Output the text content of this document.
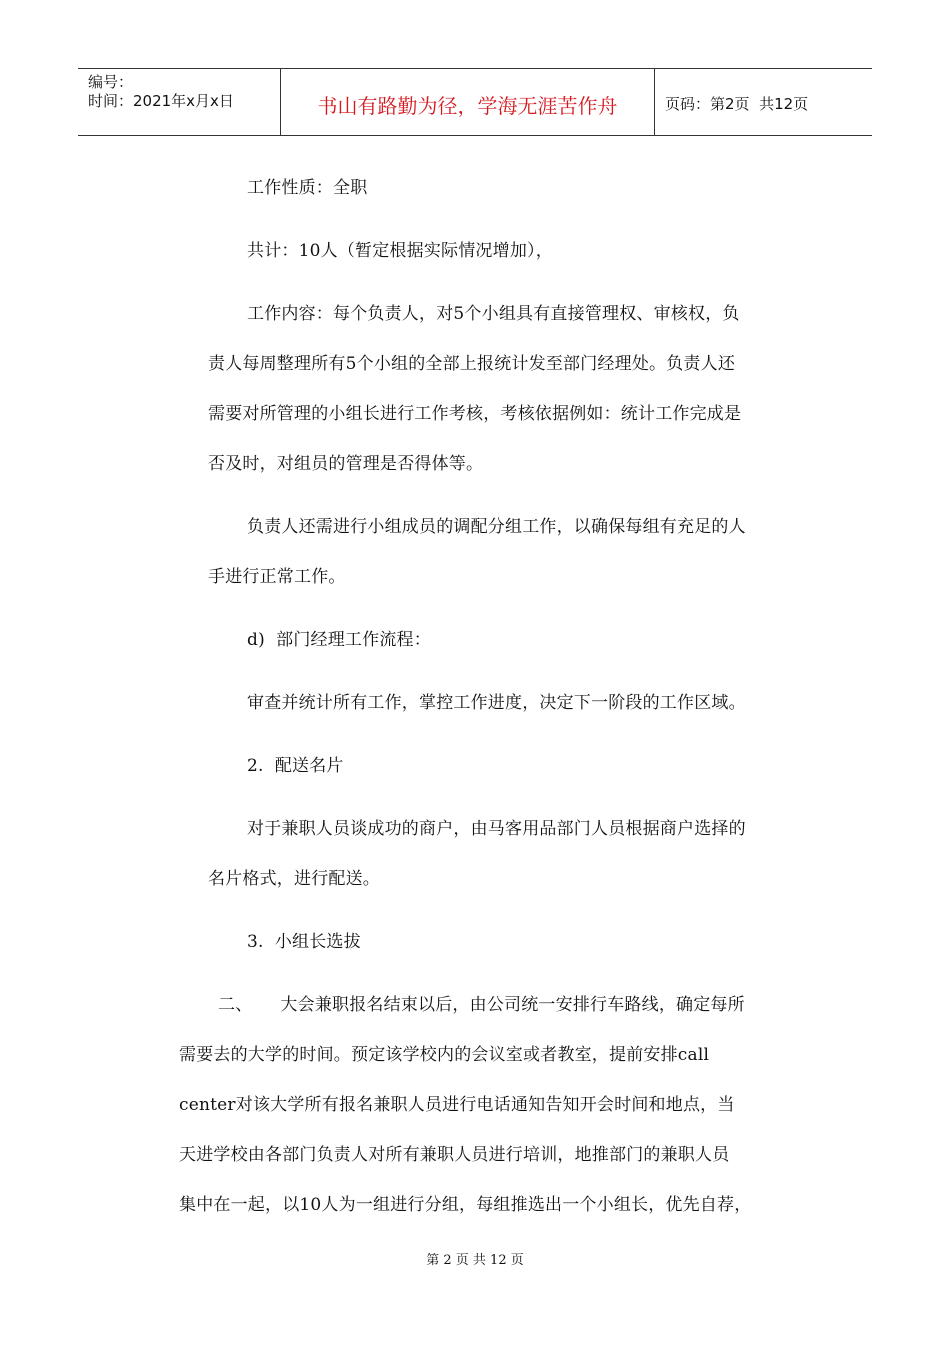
编号：
时间：2021年x月x日	书山有路勤为径，学海无涯苦作舟	页码：第2页  共12页
工作性质：全职
共计：10人（暂定根据实际情况增加），
工作内容：每个负责人，对5个小组具有直接管理权、审核权，负
责人每周整理所有5个小组的全部上报统计发至部门经理处。负责人还
需要对所管理的小组长进行工作考核，考核依据例如：统计工作完成是
否及时，对组员的管理是否得体等。
负责人还需进行小组成员的调配分组工作，以确保每组有充足的人
手进行正常工作。
d)  部门经理工作流程：
审查并统计所有工作，掌控工作进度，决定下一阶段的工作区域。
2.  配送名片
对于兼职人员谈成功的商户，由马客用品部门人员根据商户选择的
名片格式，进行配送。
3.  小组长选拔
二、     大会兼职报名结束以后，由公司统一安排行车路线，确定每所
需要去的大学的时间。预定该学校内的会议室或者教室，提前安排call
center对该大学所有报名兼职人员进行电话通知告知开会时间和地点，当
天进学校由各部门负责人对所有兼职人员进行培训，地推部门的兼职人员
集中在一起，以10人为一组进行分组，每组推选出一个小组长，优先自荐，
第 2 页 共 12 页
